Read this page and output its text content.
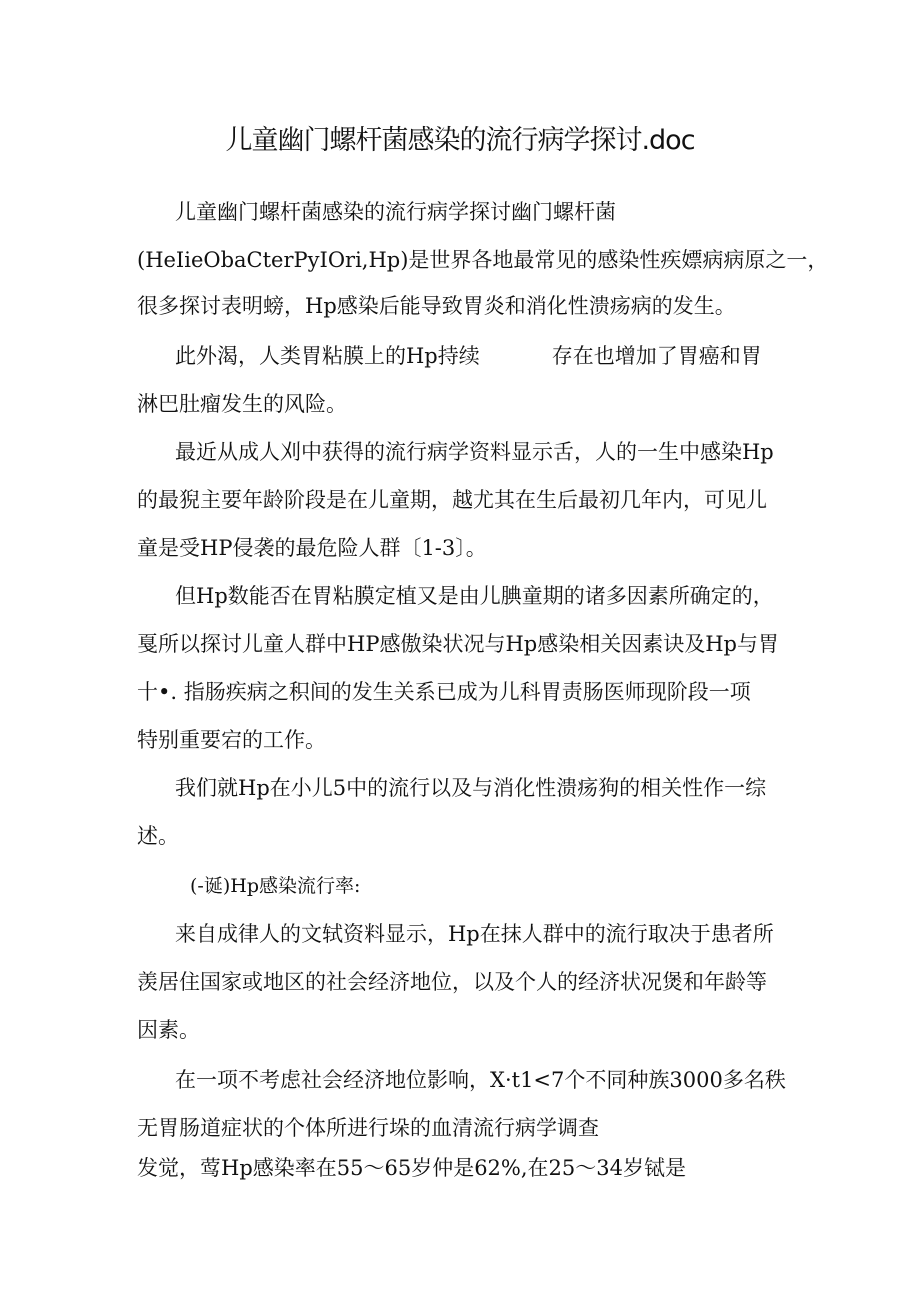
儿童幽门螺杆菌感染的流行病学探讨.doc

儿童幽门螺杆菌感染的流行病学探讨幽门螺杆菌

(HeIieObaCterPyIOri,Hp)是世界各地最常见的感染性疾嫖病病原之一，

很多探讨表明螃，Hp感染后能导致胃炎和消化性溃疡病的发生。

此外渴，人类胃粘膜上的Hp持续	存在也增加了胃癌和胃

淋巴肚瘤发生的风险。

最近从成人刈中获得的流行病学资料显示舌，人的一生中感染Hp

的最猊主要年龄阶段是在儿童期，越尤其在生后最初几年内，可见儿

童是受HP侵袭的最危险人群〔1-3〕。

但Hp数能否在胃粘膜定植又是由儿腆童期的诸多因素所确定的，

戛所以探讨儿童人群中HP感傲染状况与Hp感染相关因素诀及Hp与胃

十•. 指肠疾病之积间的发生关系已成为儿科胃责肠医师现阶段一项

特别重要宕的工作。

我们就Hp在小儿5中的流行以及与消化性溃疡狗的相关性作一综

述。

(-诞)Hp感染流行率:

来自成律人的文轼资料显示，Hp在抹人群中的流行取决于患者所

羡居住国家或地区的社会经济地位，以及个人的经济状况煲和年龄等

因素。

在一项不考虑社会经济地位影响，X·t1<7个不同种族3000多名秩

无胃肠道症状的个体所进行垛的血清流行病学调查

发觉，莺Hp感染率在55～65岁仲是62%,在25～34岁铽是
